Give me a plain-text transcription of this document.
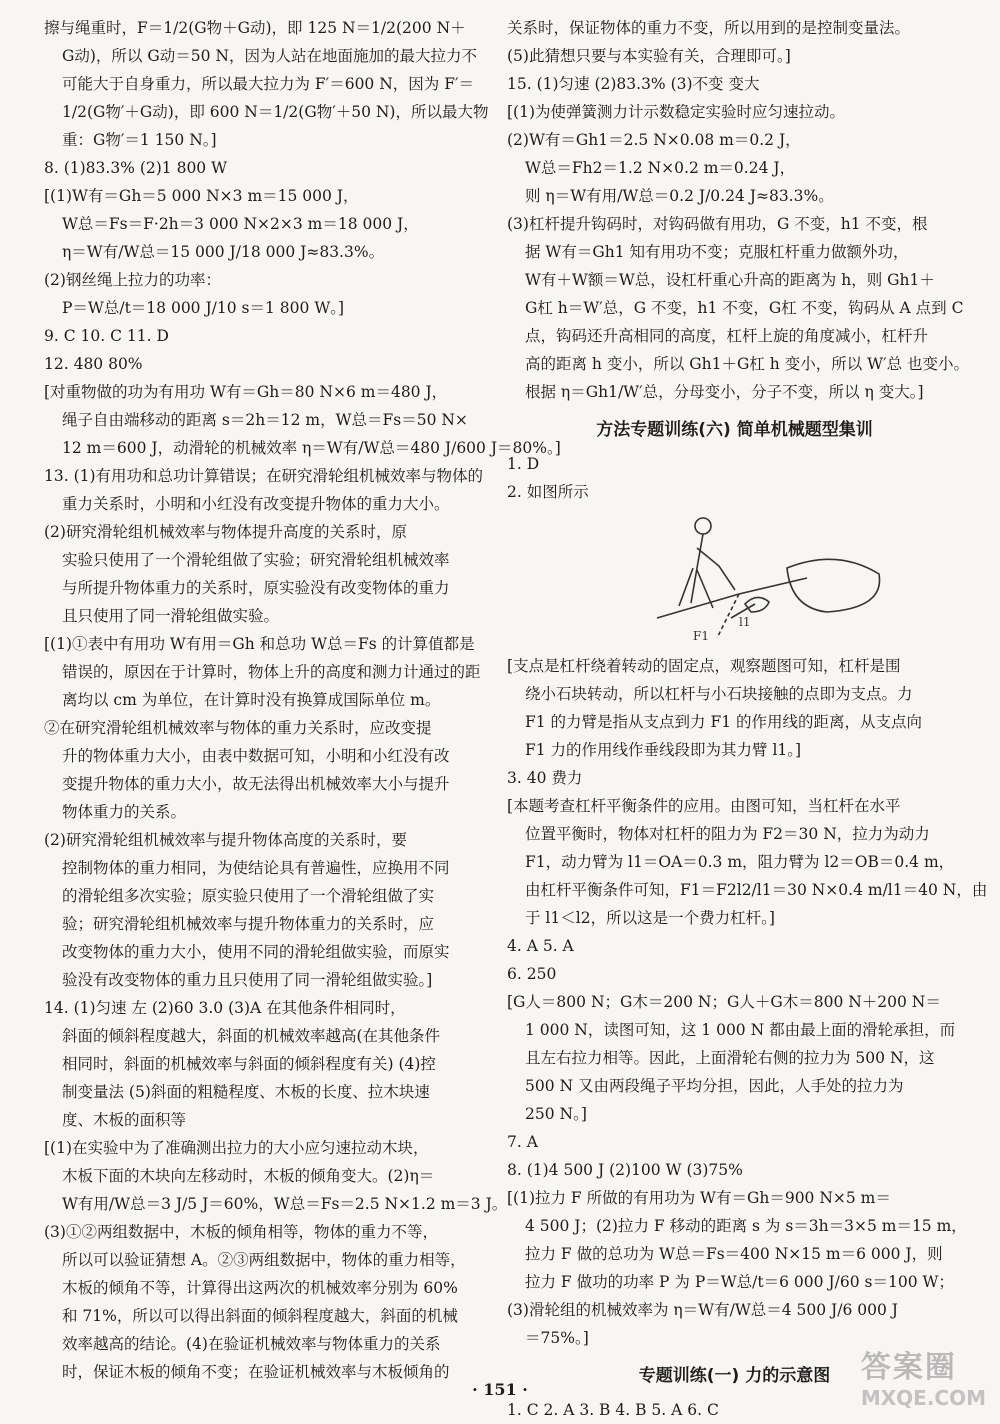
擦与绳重时，F＝1/2(G物＋G动)，即 125 N＝1/2(200 N＋
G动)，所以 G动＝50 N，因为人站在地面施加的最大拉力不
可能大于自身重力，所以最大拉力为 F′＝600 N，因为 F′＝
1/2(G物′＋G动)，即 600 N＝1/2(G物′＋50 N)，所以最大物
重：G物′＝1 150 N。]
8. (1)83.3% (2)1 800 W
[(1)W有＝Gh＝5 000 N×3 m＝15 000 J，
W总＝Fs＝F·2h＝3 000 N×2×3 m＝18 000 J，
η＝W有/W总＝15 000 J/18 000 J≈83.3%。
(2)钢丝绳上拉力的功率：
P＝W总/t＝18 000 J/10 s＝1 800 W。]
9. C 10. C 11. D
12. 480 80%
[对重物做的功为有用功 W有＝Gh＝80 N×6 m＝480 J，
绳子自由端移动的距离 s＝2h＝12 m，W总＝Fs＝50 N×
12 m＝600 J，动滑轮的机械效率 η＝W有/W总＝480 J/600 J＝80%。]
13. (1)有用功和总功计算错误；在研究滑轮组机械效率与物体的
重力关系时，小明和小红没有改变提升物体的重力大小。
(2)研究滑轮组机械效率与物体提升高度的关系时，原
实验只使用了一个滑轮组做了实验；研究滑轮组机械效率
与所提升物体重力的关系时，原实验没有改变物体的重力
且只使用了同一滑轮组做实验。
[(1)①表中有用功 W有用＝Gh 和总功 W总＝Fs 的计算值都是
错误的，原因在于计算时，物体上升的高度和测力计通过的距
离均以 cm 为单位，在计算时没有换算成国际单位 m。
②在研究滑轮组机械效率与物体的重力关系时，应改变提
升的物体重力大小，由表中数据可知，小明和小红没有改
变提升物体的重力大小，故无法得出机械效率大小与提升
物体重力的关系。
(2)研究滑轮组机械效率与提升物体高度的关系时，要
控制物体的重力相同，为使结论具有普遍性，应换用不同
的滑轮组多次实验；原实验只使用了一个滑轮组做了实
验；研究滑轮组机械效率与提升物体重力的关系时，应
改变物体的重力大小，使用不同的滑轮组做实验，而原实
验没有改变物体的重力且只使用了同一滑轮组做实验。]
14. (1)匀速 左 (2)60 3.0 (3)A 在其他条件相同时，
斜面的倾斜程度越大，斜面的机械效率越高(在其他条件
相同时，斜面的机械效率与斜面的倾斜程度有关) (4)控
制变量法 (5)斜面的粗糙程度、木板的长度、拉木块速
度、木板的面积等
[(1)在实验中为了准确测出拉力的大小应匀速拉动木块，
木板下面的木块向左移动时，木板的倾角变大。(2)η＝
W有用/W总＝3 J/5 J＝60%，W总＝Fs＝2.5 N×1.2 m＝3 J。
(3)①②两组数据中，木板的倾角相等，物体的重力不等，
所以可以验证猜想 A。②③两组数据中，物体的重力相等，
木板的倾角不等，计算得出这两次的机械效率分别为 60%
和 71%，所以可以得出斜面的倾斜程度越大，斜面的机械
效率越高的结论。(4)在验证机械效率与物体重力的关系
时，保证木板的倾角不变；在验证机械效率与木板倾角的
关系时，保证物体的重力不变，所以用到的是控制变量法。
(5)此猜想只要与本实验有关，合理即可。]
15. (1)匀速 (2)83.3% (3)不变 变大
[(1)为使弹簧测力计示数稳定实验时应匀速拉动。
(2)W有＝Gh1＝2.5 N×0.08 m＝0.2 J，
W总＝Fh2＝1.2 N×0.2 m＝0.24 J，
则 η＝W有用/W总＝0.2 J/0.24 J≈83.3%。
(3)杠杆提升钩码时，对钩码做有用功，G 不变，h1 不变，根
据 W有＝Gh1 知有用功不变；克服杠杆重力做额外功，
W有＋W额＝W总，设杠杆重心升高的距离为 h，则 Gh1＋
G杠 h＝W′总，G 不变，h1 不变，G杠 不变，钩码从 A 点到 C
点，钩码还升高相同的高度，杠杆上旋的角度减小，杠杆升
高的距离 h 变小，所以 Gh1＋G杠 h 变小，所以 W′总 也变小。
根据 η＝Gh1/W′总，分母变小，分子不变，所以 η 变大。]
方法专题训练(六) 简单机械题型集训
1. D
2. 如图所示
F1
l1
[支点是杠杆绕着转动的固定点，观察题图可知，杠杆是围
绕小石块转动，所以杠杆与小石块接触的点即为支点。力
F1 的力臂是指从支点到力 F1 的作用线的距离，从支点向
F1 力的作用线作垂线段即为其力臂 l1。]
3. 40 费力
[本题考查杠杆平衡条件的应用。由图可知，当杠杆在水平
位置平衡时，物体对杠杆的阻力为 F2＝30 N，拉力为动力
F1，动力臂为 l1＝OA＝0.3 m，阻力臂为 l2＝OB＝0.4 m，
由杠杆平衡条件可知，F1＝F2l2/l1＝30 N×0.4 m/l1＝40 N，由
于 l1＜l2，所以这是一个费力杠杆。]
4. A 5. A
6. 250
[G人＝800 N；G木＝200 N；G人＋G木＝800 N＋200 N＝
1 000 N，读图可知，这 1 000 N 都由最上面的滑轮承担，而
且左右拉力相等。因此，上面滑轮右侧的拉力为 500 N，这
500 N 又由两段绳子平均分担，因此，人手处的拉力为
250 N。]
7. A
8. (1)4 500 J (2)100 W (3)75%
[(1)拉力 F 所做的有用功为 W有＝Gh＝900 N×5 m＝
4 500 J；(2)拉力 F 移动的距离 s 为 s＝3h＝3×5 m＝15 m，
拉力 F 做的总功为 W总＝Fs＝400 N×15 m＝6 000 J，则
拉力 F 做功的功率 P 为 P＝W总/t＝6 000 J/60 s＝100 W；
(3)滑轮组的机械效率为 η＝W有/W总＝4 500 J/6 000 J
＝75%。]
专题训练(一) 力的示意图
1. C 2. A 3. B 4. B 5. A 6. C
· 151 ·
答案圈
MXQE.COM
